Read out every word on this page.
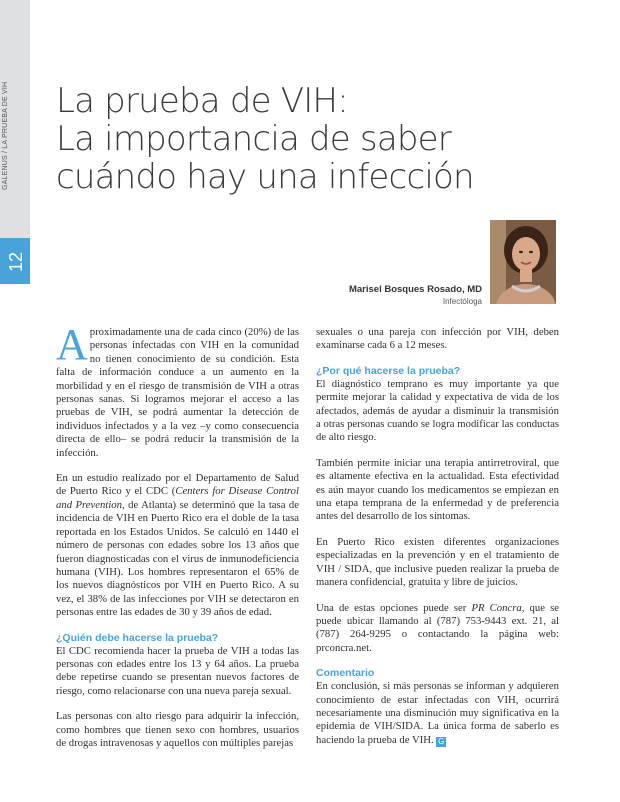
GALENUS / LA PRUEBA DE VIH
12
La prueba de VIH:
La importancia de saber
cuándo hay una infección
Marisel Bosques Rosado, MD
Infectóloga

Aproximadamente una de cada cinco (20%) de las personas infectadas con VIH en la comunidad no tienen conocimiento de su condición. Esta falta de información conduce a un aumento en la morbilidad y en el riesgo de transmisión de VIH a otras personas sanas. Si logramos mejorar el acceso a las pruebas de VIH, se podrá aumentar la detección de individuos infectados y a la vez –y como consecuencia directa de ello– se podrá reducir la transmisión de la infección.

En un estudio realizado por el Departamento de Salud de Puerto Rico y el CDC (Centers for Disease Control and Prevention, de Atlanta) se determinó que la tasa de incidencia de VIH en Puerto Rico era el doble de la tasa reportada en los Estados Unidos. Se calculó en 1440 el número de personas con edades sobre los 13 años que fueron diagnosticadas con el virus de inmunodeficiencia humana (VIH). Los hombres representaron el 65% de los nuevos diagnósticos por VIH en Puerto Rico. A su vez, el 38% de las infecciones por VIH se detectaron en personas entre las edades de 30 y 39 años de edad.

¿Quién debe hacerse la prueba?

El CDC recomienda hacer la prueba de VIH a todas las personas con edades entre los 13 y 64 años. La prueba debe repetirse cuando se presentan nuevos factores de riesgo, como relacionarse con una nueva pareja sexual.

Las personas con alto riesgo para adquirir la infección, como hombres que tienen sexo con hombres, usuarios de drogas intravenosas y aquellos con múltiples parejas

sexuales o una pareja con infección por VIH, deben examinarse cada 6 a 12 meses.

¿Por qué hacerse la prueba?

El diagnóstico temprano es muy importante ya que permite mejorar la calidad y expectativa de vida de los afectados, además de ayudar a disminuir la transmisión a otras personas cuando se logra modificar las conductas de alto riesgo.

También permite iniciar una terapia antirretroviral, que es altamente efectiva en la actualidad. Esta efectividad es aún mayor cuando los medicamentos se empiezan en una etapa temprana de la enfermedad y de preferencia antes del desarrollo de los síntomas.

En Puerto Rico existen diferentes organizaciones especializadas en la prevención y en el tratamiento de VIH / SIDA, que inclusive pueden realizar la prueba de manera confidencial, gratuita y libre de juicios.

Una de estas opciones puede ser PR Concra, que se puede ubicar llamando al (787) 753-9443 ext. 21, al (787) 264-9295 o contactando la página web: prconcra.net.

Comentario

En conclusión, si más personas se informan y adquieren conocimiento de estar infectadas con VIH, ocurrirá necesariamente una disminución muy significativa en la epidemia de VIH/SIDA. La única forma de saberlo es haciendo la prueba de VIH. G
